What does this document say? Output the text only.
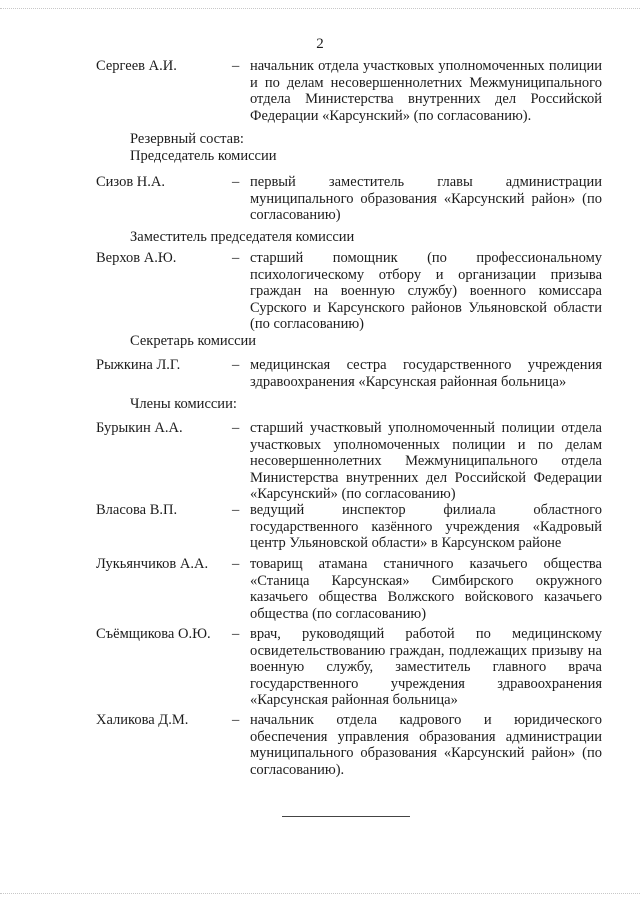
2
Сергеев А.И.	– начальник отдела участковых уполномоченных полиции и по делам несовершеннолетних Межмуниципального отдела Министерства внутренних дел Российской Федерации «Карсунский» (по согласованию).
Резервный состав:
Председатель комиссии
Сизов Н.А.	– первый заместитель главы администрации муниципального образования «Карсунский район» (по согласованию)
Заместитель председателя комиссии
Верхов А.Ю.	– старший помощник (по профессиональному психологическому отбору и организации призыва граждан на военную службу) военного комиссара Сурского и Карсунского районов Ульяновской области (по согласованию)
Секретарь комиссии
Рыжкина Л.Г.	– медицинская сестра государственного учреждения здравоохранения «Карсунская районная больница»
Члены комиссии:
Бурыкин А.А.	– старший участковый уполномоченный полиции отдела участковых уполномоченных полиции и по делам несовершеннолетних Межмуниципального отдела Министерства внутренних дел Российской Федерации «Карсунский» (по согласованию)
Власова В.П.	– ведущий инспектор филиала областного государственного казённого учреждения «Кадровый центр Ульяновской области» в Карсунском районе
Лукьянчиков А.А.	– товарищ атамана станичного казачьего общества «Станица Карсунская» Симбирского окружного казачьего общества Волжского войскового казачьего общества (по согласованию)
Съёмщикова О.Ю.	– врач, руководящий работой по медицинскому освидетельствованию граждан, подлежащих призыву на военную службу, заместитель главного врача государственного учреждения здравоохранения «Карсунская районная больница»
Халикова Д.М.	– начальник отдела кадрового и юридического обеспечения управления образования администрации муниципального образования «Карсунский район» (по согласованию).
